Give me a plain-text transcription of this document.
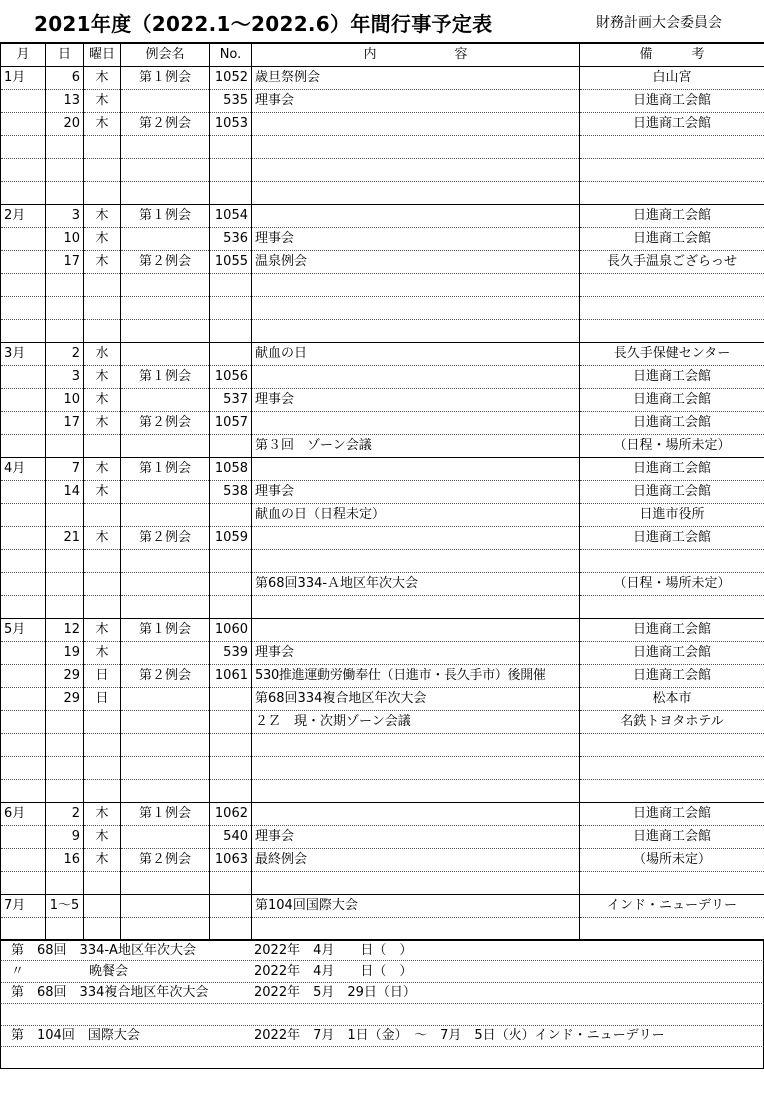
2021年度（2022.1～2022.6）年間行事予定表	財務計画大会委員会
月	日	曜日	例会名	No.	内　　　　　　容	備　　　考
1月	6	木	第１例会	1052	歳旦祭例会	白山宮
	13	木		535	理事会	日進商工会館
	20	木	第２例会	1053		日進商工会館

2月	3	木	第１例会	1054		日進商工会館
	10	木		536	理事会	日進商工会館
	17	木	第２例会	1055	温泉例会	長久手温泉ござらっせ

3月	2	水			献血の日	長久手保健センター
	3	木	第１例会	1056		日進商工会館
	10	木		537	理事会	日進商工会館
	17	木	第２例会	1057		日進商工会館
					第３回　ゾーン会議	（日程・場所未定）
4月	7	木	第１例会	1058		日進商工会館
	14	木		538	理事会	日進商工会館
					献血の日（日程未定）	日進市役所
	21	木	第２例会	1059		日進商工会館

					第68回334-Ａ地区年次大会	（日程・場所未定）

5月	12	木	第１例会	1060		日進商工会館
	19	木		539	理事会	日進商工会館
	29	日	第２例会	1061	530推進運動労働奉仕（日進市・長久手市）後開催	日進商工会館
	29	日			第68回334複合地区年次大会	松本市
					２Ｚ　現・次期ゾーン会議	名鉄トヨタホテル

6月	2	木	第１例会	1062		日進商工会館
	9	木		540	理事会	日進商工会館
	16	木	第２例会	1063	最終例会	（場所未定）

7月	1～5				第104回国際大会	インド・ニューデリー

第　68回　334-A地区年次大会	2022年　4月　　日（　）
〃　　　　　晩餐会	2022年　4月　　日（　）
第　68回　334複合地区年次大会	2022年　5月　29日（日）
第　104回　国際大会	2022年　7月　1日（金）　～　7月　5日（火）インド・ニューデリー
